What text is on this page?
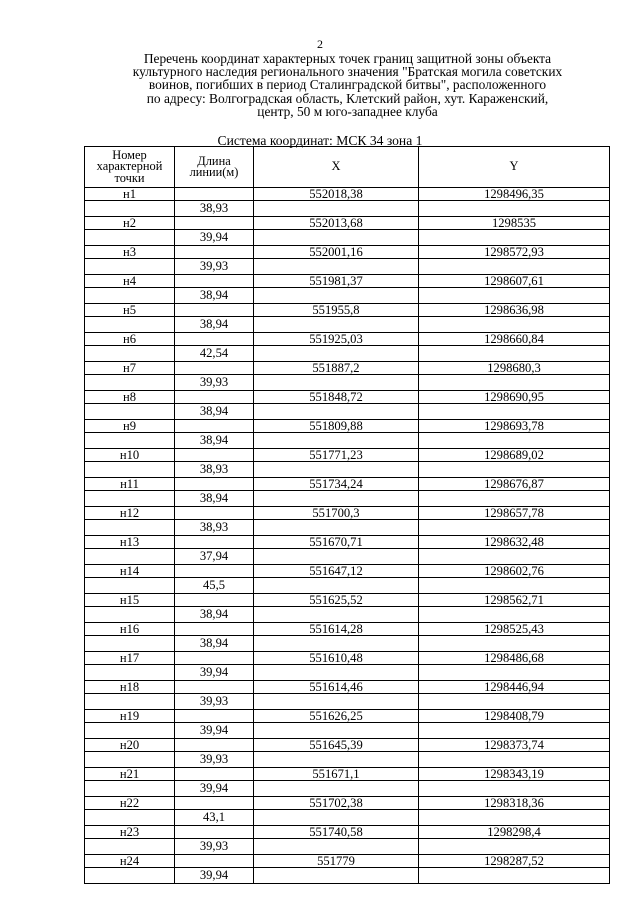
2
Перечень координат характерных точек границ защитной зоны объекта
культурного наследия регионального значения "Братская могила советских
воинов, погибших в период Сталинградской битвы", расположенного
по адресу: Волгоградская область, Клетский район, хут. Караженский,
центр, 50 м юго-западнее клуба
Система координат: МСК 34 зона 1
Номер характерной точки	Длина линии(м)	X	Y
н1		552018,38	1298496,35
	38,93		
н2		552013,68	1298535
	39,94		
н3		552001,16	1298572,93
	39,93		
н4		551981,37	1298607,61
	38,94		
н5		551955,8	1298636,98
	38,94		
н6		551925,03	1298660,84
	42,54		
н7		551887,2	1298680,3
	39,93		
н8		551848,72	1298690,95
	38,94		
н9		551809,88	1298693,78
	38,94		
н10		551771,23	1298689,02
	38,93		
н11		551734,24	1298676,87
	38,94		
н12		551700,3	1298657,78
	38,93		
н13		551670,71	1298632,48
	37,94		
н14		551647,12	1298602,76
	45,5		
н15		551625,52	1298562,71
	38,94		
н16		551614,28	1298525,43
	38,94		
н17		551610,48	1298486,68
	39,94		
н18		551614,46	1298446,94
	39,93		
н19		551626,25	1298408,79
	39,94		
н20		551645,39	1298373,74
	39,93		
н21		551671,1	1298343,19
	39,94		
н22		551702,38	1298318,36
	43,1		
н23		551740,58	1298298,4
	39,93		
н24		551779	1298287,52
	39,94		
